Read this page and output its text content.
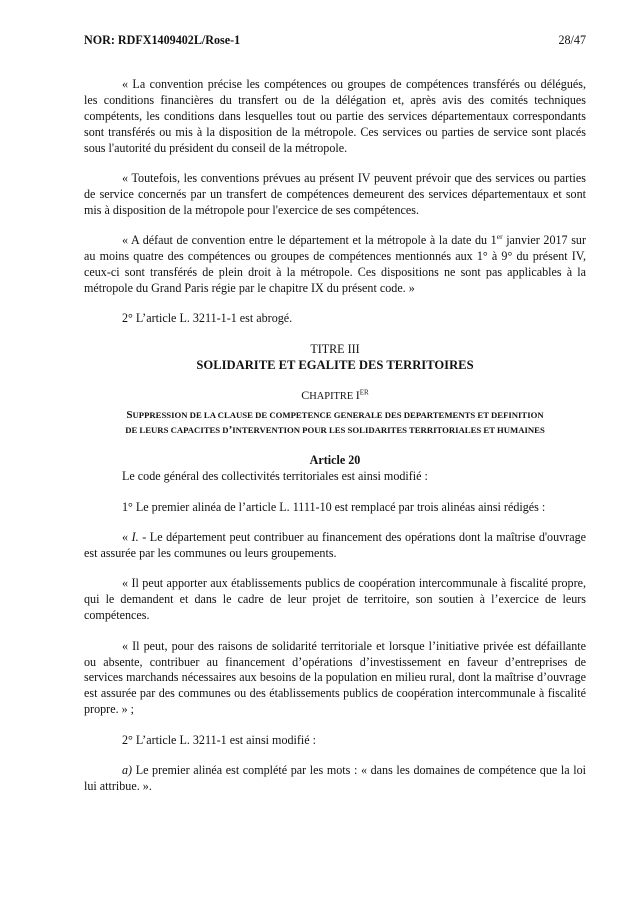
NOR: RDFX1409402L/Rose-1	28/47

« La convention précise les compétences ou groupes de compétences transférés ou délégués, les conditions financières du transfert ou de la délégation et, après avis des comités techniques compétents, les conditions dans lesquelles tout ou partie des services départementaux correspondants sont transférés ou mis à la disposition de la métropole. Ces services ou parties de service sont placés sous l'autorité du président du conseil de la métropole.

« Toutefois, les conventions prévues au présent IV peuvent prévoir que des services ou parties de service concernés par un transfert de compétences demeurent des services départementaux et sont mis à disposition de la métropole pour l'exercice de ses compétences.

« A défaut de convention entre le département et la métropole à la date du 1er janvier 2017 sur au moins quatre des compétences ou groupes de compétences mentionnés aux 1° à 9° du présent IV, ceux-ci sont transférés de plein droit à la métropole. Ces dispositions ne sont pas applicables à la métropole du Grand Paris régie par le chapitre IX du présent code. »

2° L’article L. 3211-1-1 est abrogé.

TITRE III
SOLIDARITE ET EGALITE DES TERRITOIRES
CHAPITRE IER
SUPPRESSION DE LA CLAUSE DE COMPETENCE GENERALE DES DEPARTEMENTS ET DEFINITION
DE LEURS CAPACITES D’INTERVENTION POUR LES SOLIDARITES TERRITORIALES ET HUMAINES
Article 20

Le code général des collectivités territoriales est ainsi modifié :

1° Le premier alinéa de l’article L. 1111-10 est remplacé par trois alinéas ainsi rédigés :

« I. - Le département peut contribuer au financement des opérations dont la maîtrise d'ouvrage est assurée par les communes ou leurs groupements.

« Il peut apporter aux établissements publics de coopération intercommunale à fiscalité propre, qui le demandent et dans le cadre de leur projet de territoire, son soutien à l’exercice de leurs compétences.

« Il peut, pour des raisons de solidarité territoriale et lorsque l’initiative privée est défaillante ou absente, contribuer au financement d’opérations d’investissement en faveur d’entreprises de services marchands nécessaires aux besoins de la population en milieu rural, dont la maîtrise d’ouvrage est assurée par des communes ou des établissements publics de coopération intercommunale à fiscalité propre. » ;

2° L’article L. 3211-1 est ainsi modifié :

a) Le premier alinéa est complété par les mots : « dans les domaines de compétence que la loi lui attribue. ».
